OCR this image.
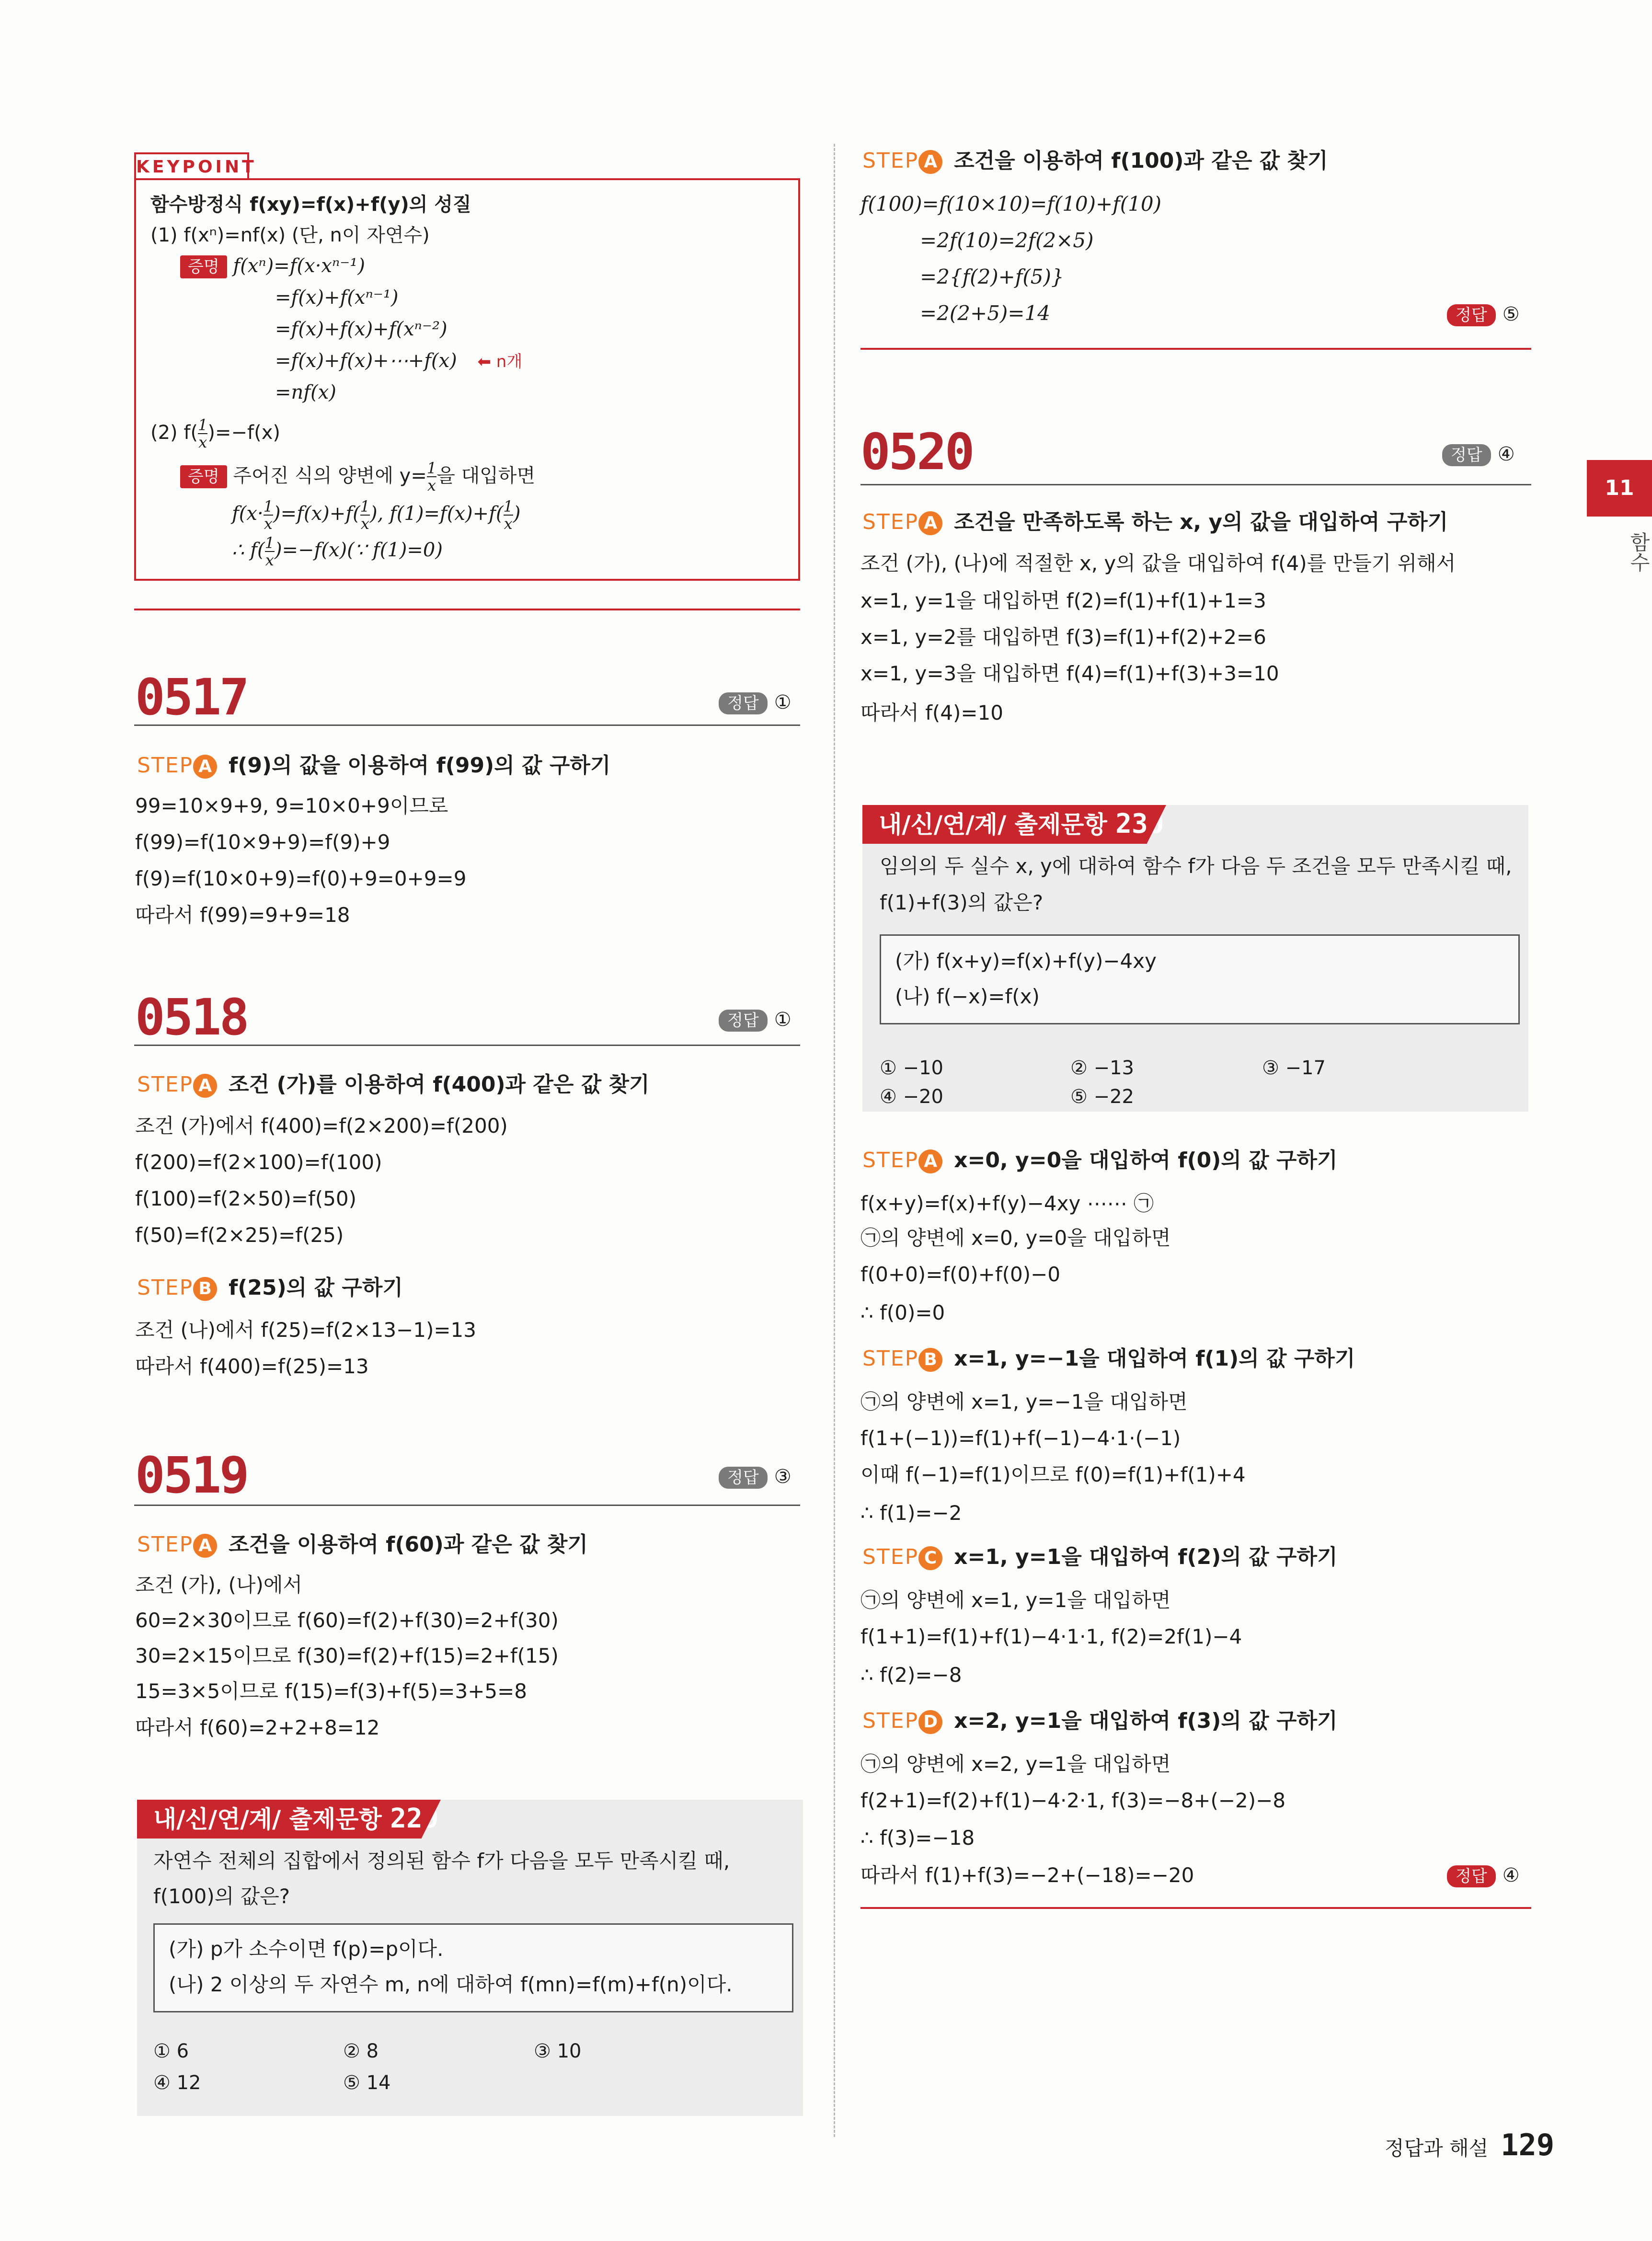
KEYPOINT
함수방정식 f(xy)=f(x)+f(y)의 성질
(1) f(xⁿ)=nf(x) (단, n이 자연수)
증명 f(xⁿ)=f(x·xⁿ⁻¹)
=f(x)+f(xⁿ⁻¹)
=f(x)+f(x)+f(xⁿ⁻²)
=f(x)+f(x)+⋯+f(x) ⬅ n개
=nf(x)
(2) $f( \frac{1}{x} )=-f(x)$
증명 주어진 식의 양변에 $y= \frac{1}{x}$ 을 대입하면
$f(x\cdot \frac{1}{x} )=f(x)+f( \frac{1}{x}$ ), $f(1)=f(x)+f( \frac{1}{x}$ )
∴ $f( \frac{1}{x}$ )=−f(x)(∵ f(1)=0)
0517	정답 ①
STEP A f(9)의 값을 이용하여 f(99)의 값 구하기
99=10×9+9, 9=10×0+9이므로
f(99)=f(10×9+9)=f(9)+9
f(9)=f(10×0+9)=f(0)+9=0+9=9
따라서 f(99)=9+9=18
0518	정답 ①
STEP A 조건 (가)를 이용하여 f(400)과 같은 값 찾기
조건 (가)에서 f(400)=f(2×200)=f(200)
f(200)=f(2×100)=f(100)
f(100)=f(2×50)=f(50)
f(50)=f(2×25)=f(25)
STEP B f(25)의 값 구하기
조건 (나)에서 f(25)=f(2×13−1)=13
따라서 f(400)=f(25)=13
0519	정답 ③
STEP A 조건을 이용하여 f(60)과 같은 값 찾기
조건 (가), (나)에서
60=2×30이므로 f(60)=f(2)+f(30)=2+f(30)
30=2×15이므로 f(30)=f(2)+f(15)=2+f(15)
15=3×5이므로 f(15)=f(3)+f(5)=3+5=8
따라서 f(60)=2+2+8=12
내/신/연/계/ 출제문항 229
자연수 전체의 집합에서 정의된 함수 f가 다음을 모두 만족시킬 때,
f(100)의 값은?
(가) p가 소수이면 f(p)=p이다.
(나) 2 이상의 두 자연수 m, n에 대하여 f(mn)=f(m)+f(n)이다.
① 6	② 8	③ 10
④ 12	⑤ 14
STEP A 조건을 이용하여 f(100)과 같은 값 찾기
f(100)=f(10×10)=f(10)+f(10)
=2f(10)=2f(2×5)
=2{f(2)+f(5)}
=2(2+5)=14	정답 ⑤
0520	정답 ④
STEP A 조건을 만족하도록 하는 x, y의 값을 대입하여 구하기
조건 (가), (나)에 적절한 x, y의 값을 대입하여 f(4)를 만들기 위해서
x=1, y=1을 대입하면 f(2)=f(1)+f(1)+1=3
x=1, y=2를 대입하면 f(3)=f(1)+f(2)+2=6
x=1, y=3을 대입하면 f(4)=f(1)+f(3)+3=10
따라서 f(4)=10
내/신/연/계/ 출제문항 230
임의의 두 실수 x, y에 대하여 함수 f가 다음 두 조건을 모두 만족시킬 때,
f(1)+f(3)의 값은?
(가) f(x+y)=f(x)+f(y)−4xy
(나) f(−x)=f(x)
① −10	② −13	③ −17
④ −20	⑤ −22
STEP A x=0, y=0을 대입하여 f(0)의 값 구하기
f(x+y)=f(x)+f(y)−4xy ⋯⋯ ㉠
㉠의 양변에 x=0, y=0을 대입하면
f(0+0)=f(0)+f(0)−0
∴ f(0)=0
STEP B x=1, y=−1을 대입하여 f(1)의 값 구하기
㉠의 양변에 x=1, y=−1을 대입하면
f(1+(−1))=f(1)+f(−1)−4·1·(−1)
이때 f(−1)=f(1)이므로 f(0)=f(1)+f(1)+4
∴ f(1)=−2
STEP C x=1, y=1을 대입하여 f(2)의 값 구하기
㉠의 양변에 x=1, y=1을 대입하면
f(1+1)=f(1)+f(1)−4·1·1, f(2)=2f(1)−4
∴ f(2)=−8
STEP D x=2, y=1을 대입하여 f(3)의 값 구하기
㉠의 양변에 x=2, y=1을 대입하면
f(2+1)=f(2)+f(1)−4·2·1, f(3)=−8+(−2)−8
∴ f(3)=−18
따라서 f(1)+f(3)=−2+(−18)=−20	정답 ④
11
함수
정답과 해설 129
